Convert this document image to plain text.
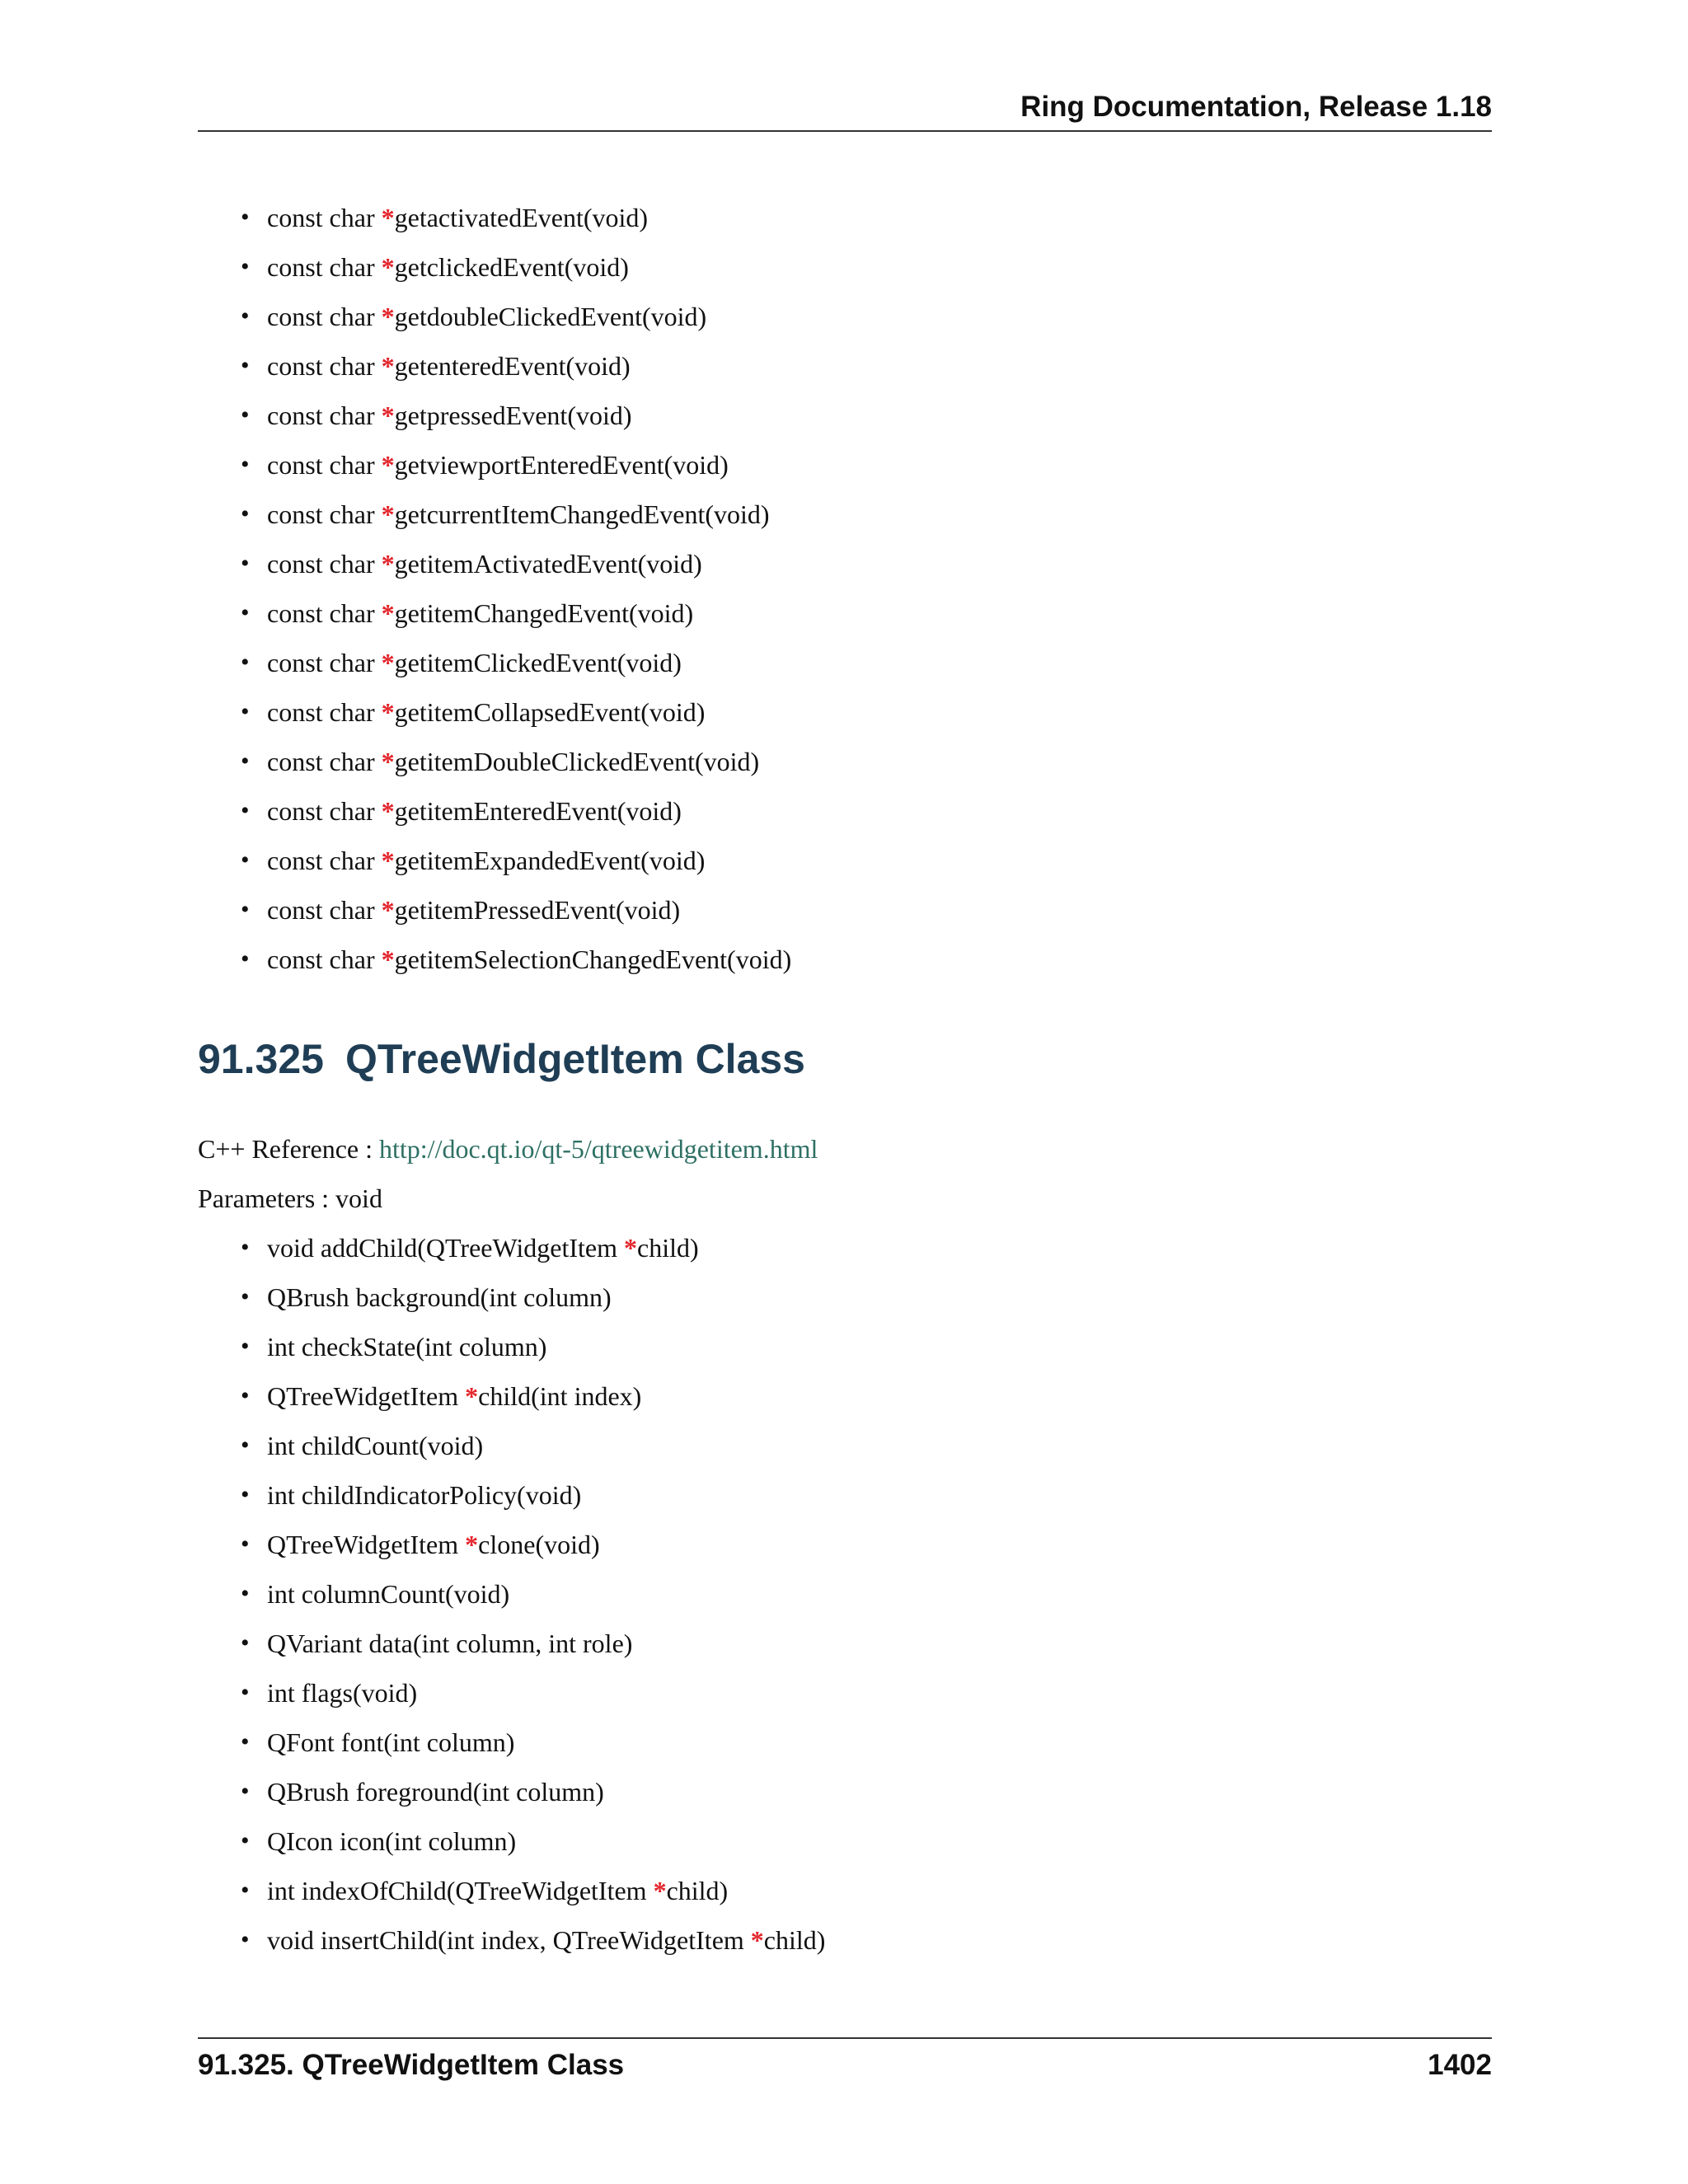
Ring Documentation, Release 1.18
• const char *getactivatedEvent(void)
• const char *getclickedEvent(void)
• const char *getdoubleClickedEvent(void)
• const char *getenteredEvent(void)
• const char *getpressedEvent(void)
• const char *getviewportEnteredEvent(void)
• const char *getcurrentItemChangedEvent(void)
• const char *getitemActivatedEvent(void)
• const char *getitemChangedEvent(void)
• const char *getitemClickedEvent(void)
• const char *getitemCollapsedEvent(void)
• const char *getitemDoubleClickedEvent(void)
• const char *getitemEnteredEvent(void)
• const char *getitemExpandedEvent(void)
• const char *getitemPressedEvent(void)
• const char *getitemSelectionChangedEvent(void)
91.325 QTreeWidgetItem Class
C++ Reference : http://doc.qt.io/qt-5/qtreewidgetitem.html
Parameters : void
• void addChild(QTreeWidgetItem *child)
• QBrush background(int column)
• int checkState(int column)
• QTreeWidgetItem *child(int index)
• int childCount(void)
• int childIndicatorPolicy(void)
• QTreeWidgetItem *clone(void)
• int columnCount(void)
• QVariant data(int column, int role)
• int flags(void)
• QFont font(int column)
• QBrush foreground(int column)
• QIcon icon(int column)
• int indexOfChild(QTreeWidgetItem *child)
• void insertChild(int index, QTreeWidgetItem *child)
91.325. QTreeWidgetItem Class	1402
